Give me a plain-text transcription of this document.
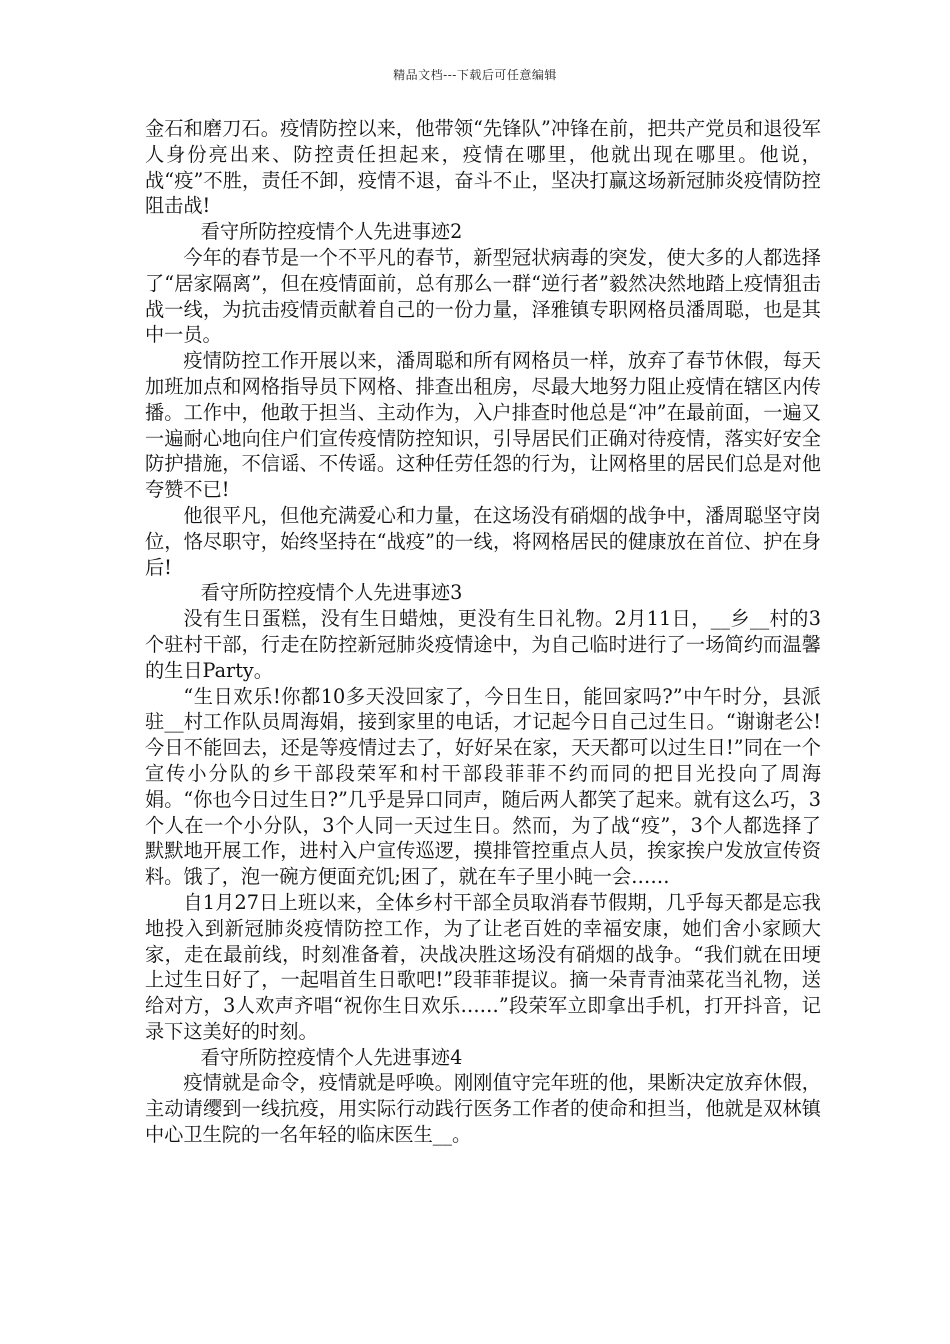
精品文档---下载后可任意编辑

金石和磨刀石。疫情防控以来，他带领“先锋队”冲锋在前，把共产党员和退役军人身份亮出来、防控责任担起来，疫情在哪里，他就出现在哪里。他说，战“疫”不胜，责任不卸，疫情不退，奋斗不止，坚决打赢这场新冠肺炎疫情防控阻击战!

看守所防控疫情个人先进事迹2

今年的春节是一个不平凡的春节，新型冠状病毒的突发，使大多的人都选择了“居家隔离”，但在疫情面前，总有那么一群“逆行者”毅然决然地踏上疫情狙击战一线，为抗击疫情贡献着自己的一份力量，泽雅镇专职网格员潘周聪，也是其中一员。

疫情防控工作开展以来，潘周聪和所有网格员一样，放弃了春节休假，每天加班加点和网格指导员下网格、排查出租房，尽最大地努力阻止疫情在辖区内传播。工作中，他敢于担当、主动作为，入户排查时他总是“冲”在最前面，一遍又一遍耐心地向住户们宣传疫情防控知识，引导居民们正确对待疫情，落实好安全防护措施，不信谣、不传谣。这种任劳任怨的行为，让网格里的居民们总是对他夸赞不已!

他很平凡，但他充满爱心和力量，在这场没有硝烟的战争中，潘周聪坚守岗位，恪尽职守，始终坚持在“战疫”的一线，将网格居民的健康放在首位、护在身后!

看守所防控疫情个人先进事迹3

没有生日蛋糕，没有生日蜡烛，更没有生日礼物。2月11日，__乡__村的3个驻村干部，行走在防控新冠肺炎疫情途中，为自己临时进行了一场简约而温馨的生日Party。

“生日欢乐!你都10多天没回家了，今日生日，能回家吗?”中午时分，县派驻__村工作队员周海娟，接到家里的电话，才记起今日自己过生日。“谢谢老公!今日不能回去，还是等疫情过去了，好好呆在家，天天都可以过生日!”同在一个宣传小分队的乡干部段荣军和村干部段菲菲不约而同的把目光投向了周海娟。“你也今日过生日?”几乎是异口同声，随后两人都笑了起来。就有这么巧，3个人在一个小分队，3个人同一天过生日。然而，为了战“疫”，3个人都选择了默默地开展工作，进村入户宣传巡逻，摸排管控重点人员，挨家挨户发放宣传资料。饿了，泡一碗方便面充饥;困了，就在车子里小盹一会……

自1月27日上班以来，全体乡村干部全员取消春节假期，几乎每天都是忘我地投入到新冠肺炎疫情防控工作，为了让老百姓的幸福安康，她们舍小家顾大家，走在最前线，时刻准备着，决战决胜这场没有硝烟的战争。“我们就在田埂上过生日好了，一起唱首生日歌吧!”段菲菲提议。摘一朵青青油菜花当礼物，送给对方，3人欢声齐唱“祝你生日欢乐……”段荣军立即拿出手机，打开抖音，记录下这美好的时刻。

看守所防控疫情个人先进事迹4

疫情就是命令，疫情就是呼唤。刚刚值守完年班的他，果断决定放弃休假，主动请缨到一线抗疫，用实际行动践行医务工作者的使命和担当，他就是双林镇中心卫生院的一名年轻的临床医生__。
